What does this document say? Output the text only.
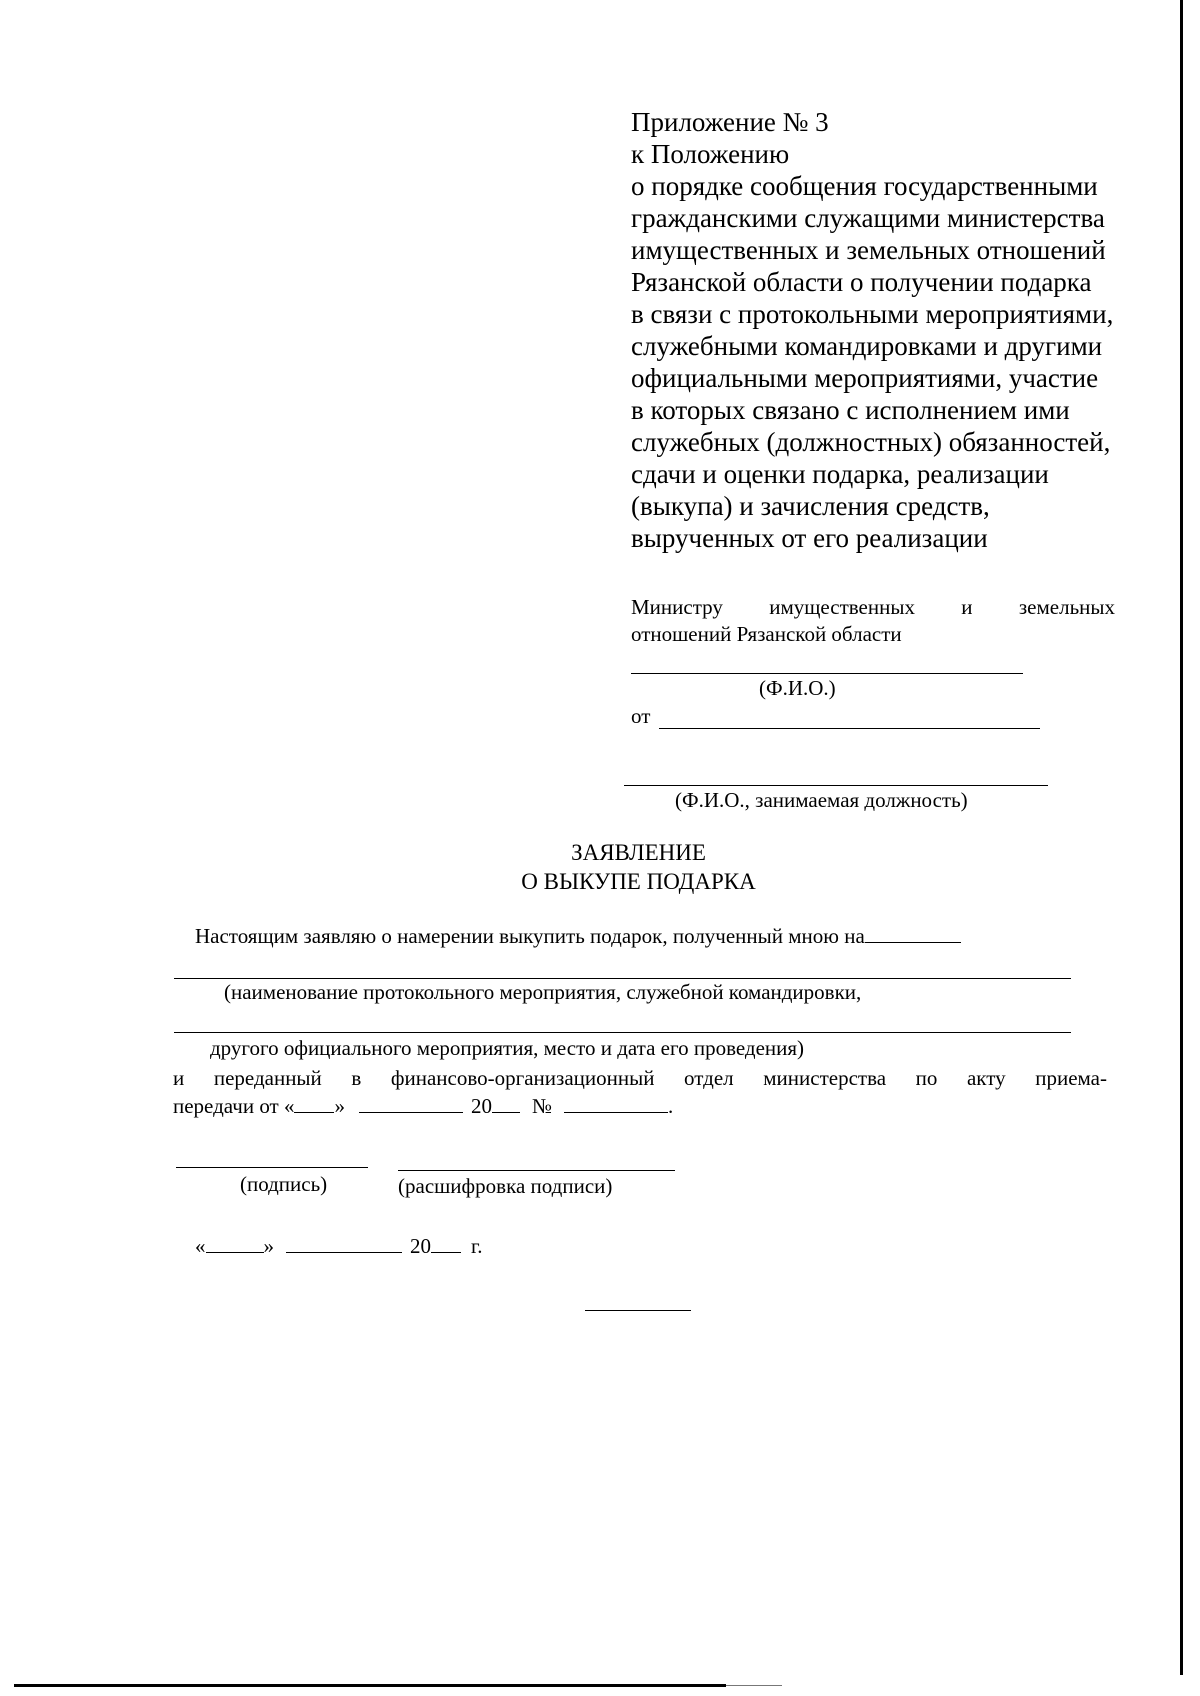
Приложение № 3
к Положению
о порядке сообщения государственными
гражданскими служащими министерства
имущественных и земельных отношений
Рязанской области о получении подарка
в связи с протокольными мероприятиями,
служебными командировками и другими
официальными мероприятиями, участие
в которых связано с исполнением ими
служебных (должностных) обязанностей,
сдачи и оценки подарка, реализации
(выкупа) и зачисления средств,
вырученных от его реализации
Министру имущественных и земельных
отношений Рязанской области
(Ф.И.О.)
от
(Ф.И.О., занимаемая должность)
ЗАЯВЛЕНИЕ
О ВЫКУПЕ ПОДАРКА
Настоящим заявляю о намерении выкупить подарок, полученный мною на
(наименование протокольного мероприятия, служебной командировки,
другого официального мероприятия, место и дата его проведения)
и переданный в финансово-организационный отдел министерства по акту приема-
передачи от « »	20 №	.
(подпись)	(расшифровка подписи)
«	»	20 г.
